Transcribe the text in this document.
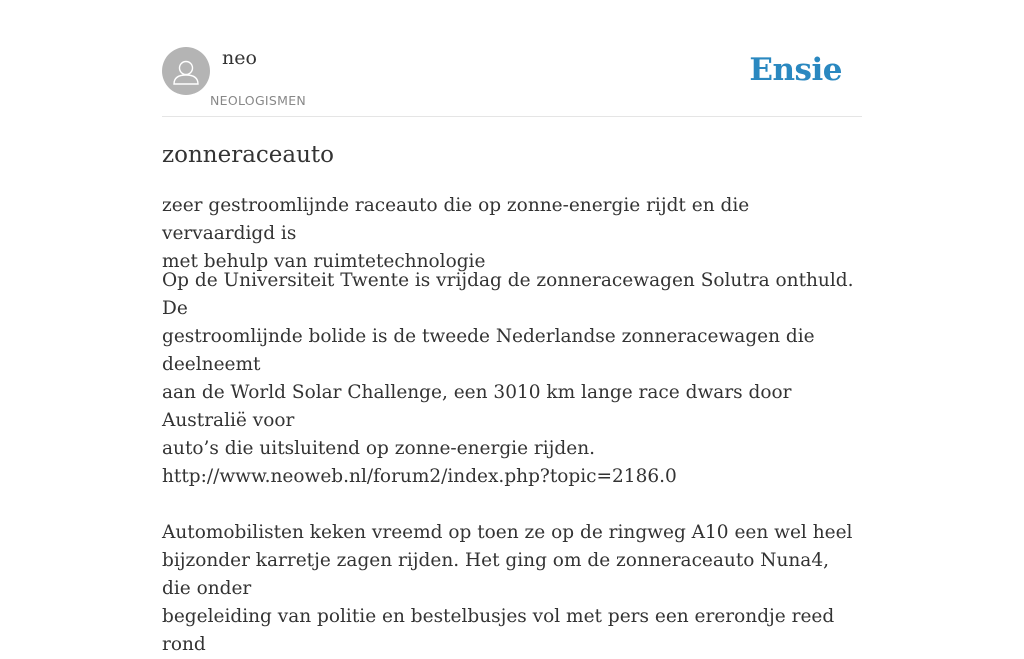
neo
NEOLOGISMEN
Ensie
zonneraceauto
zeer gestroomlijnde raceauto die op zonne-energie rijdt en die vervaardigd is
met behulp van ruimtetechnologie

Op de Universiteit Twente is vrijdag de zonneracewagen Solutra onthuld. De

gestroomlijnde bolide is de tweede Nederlandse zonneracewagen die deelneemt

aan de World Solar Challenge, een 3010 km lange race dwars door Australië voor

auto’s die uitsluitend op zonne-energie rijden.

http://www.neoweb.nl/forum2/index.php?topic=2186.0

Automobilisten keken vreemd op toen ze op de ringweg A10 een wel heel

bijzonder karretje zagen rijden. Het ging om de zonneraceauto Nuna4, die onder

begeleiding van politie en bestelbusjes vol met pers een ererondje reed rond
